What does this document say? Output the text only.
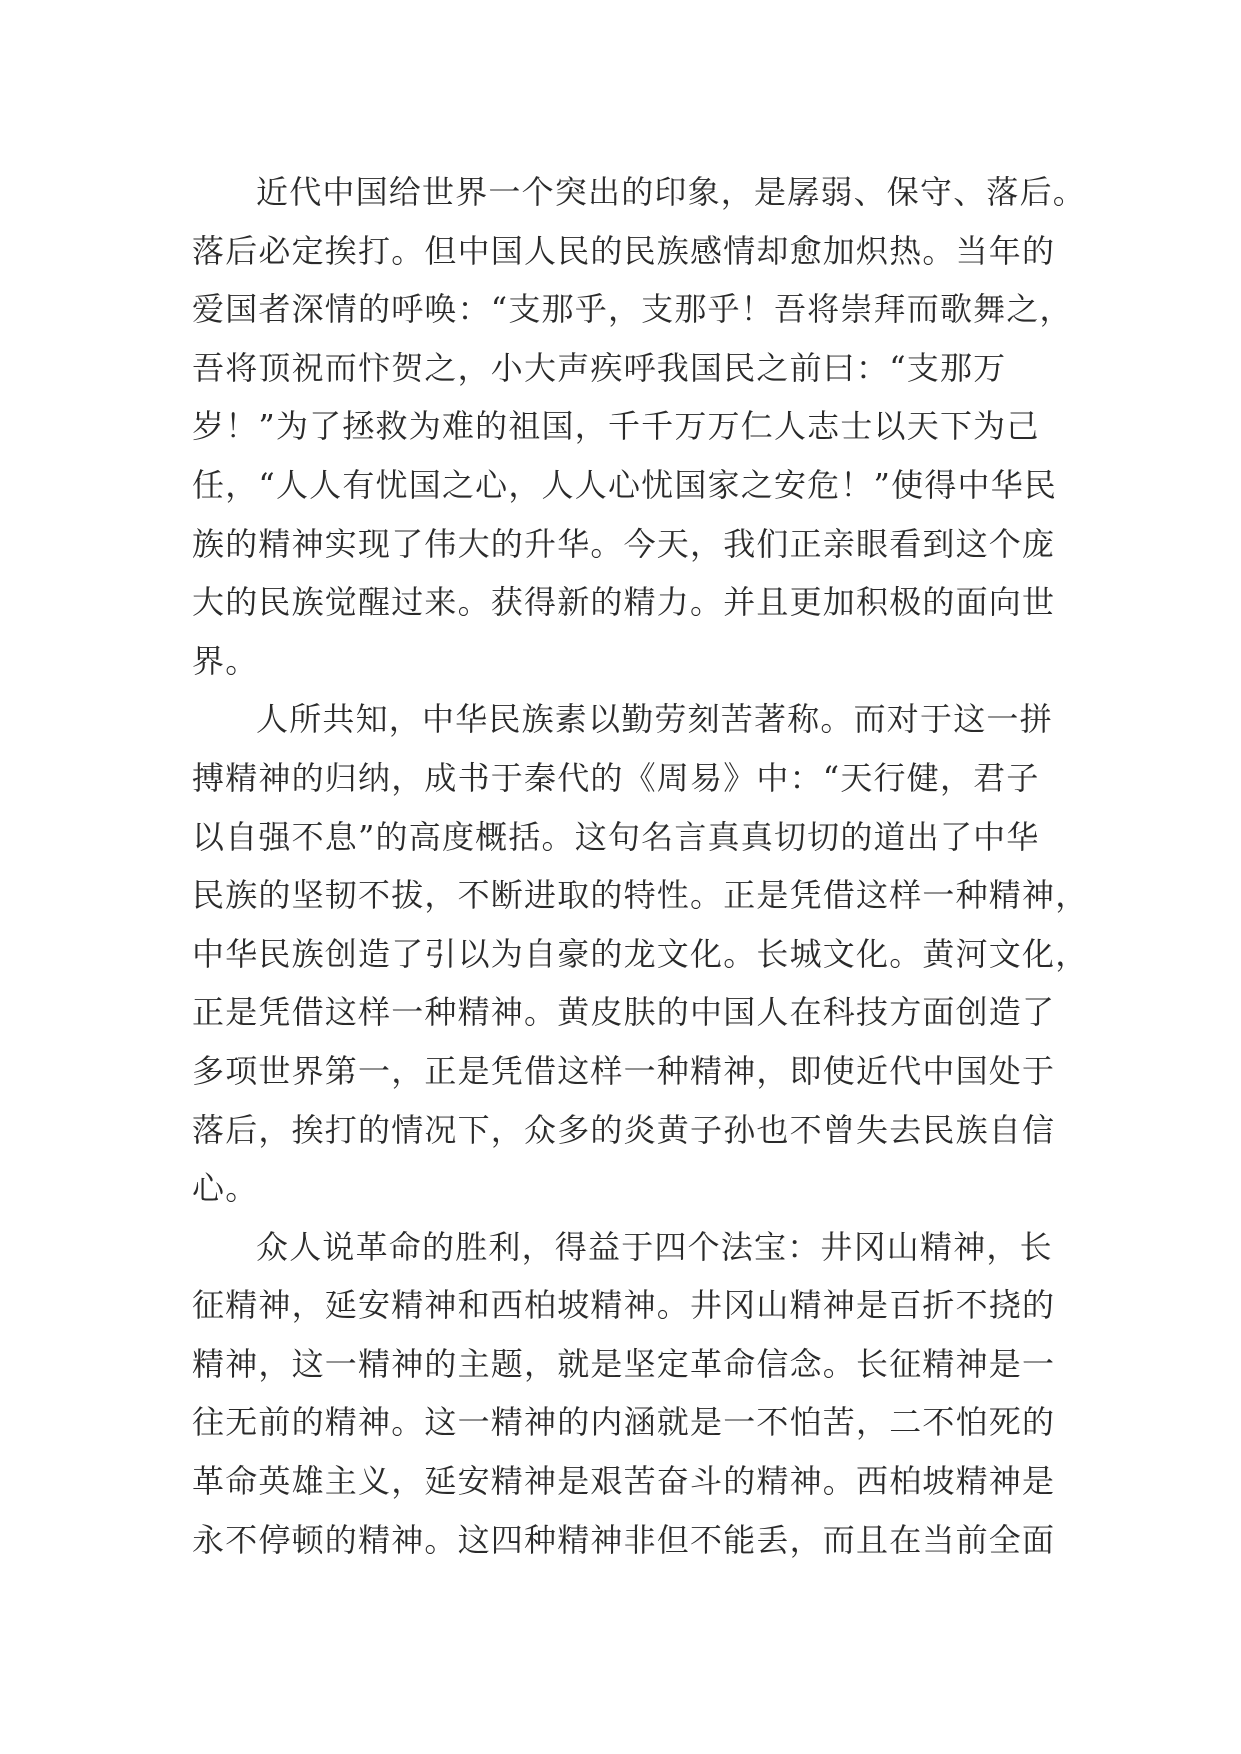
近代中国给世界一个突出的印象，是孱弱、保守、落后。
落后必定挨打。但中国人民的民族感情却愈加炽热。当年的
爱国者深情的呼唤：“支那乎，支那乎！吾将崇拜而歌舞之，
吾将顶祝而忭贺之，小大声疾呼我国民之前曰：“支那万
岁！”为了拯救为难的祖国，千千万万仁人志士以天下为己
任，“人人有忧国之心，人人心忧国家之安危！”使得中华民
族的精神实现了伟大的升华。今天，我们正亲眼看到这个庞
大的民族觉醒过来。获得新的精力。并且更加积极的面向世
界。
人所共知，中华民族素以勤劳刻苦著称。而对于这一拼
搏精神的归纳，成书于秦代的《周易》中：“天行健，君子
以自强不息”的高度概括。这句名言真真切切的道出了中华
民族的坚韧不拔，不断进取的特性。正是凭借这样一种精神，
中华民族创造了引以为自豪的龙文化。长城文化。黄河文化，
正是凭借这样一种精神。黄皮肤的中国人在科技方面创造了
多项世界第一，正是凭借这样一种精神，即使近代中国处于
落后，挨打的情况下，众多的炎黄子孙也不曾失去民族自信
心。
众人说革命的胜利，得益于四个法宝：井冈山精神，长
征精神，延安精神和西柏坡精神。井冈山精神是百折不挠的
精神，这一精神的主题，就是坚定革命信念。长征精神是一
往无前的精神。这一精神的内涵就是一不怕苦，二不怕死的
革命英雄主义，延安精神是艰苦奋斗的精神。西柏坡精神是
永不停顿的精神。这四种精神非但不能丢，而且在当前全面
